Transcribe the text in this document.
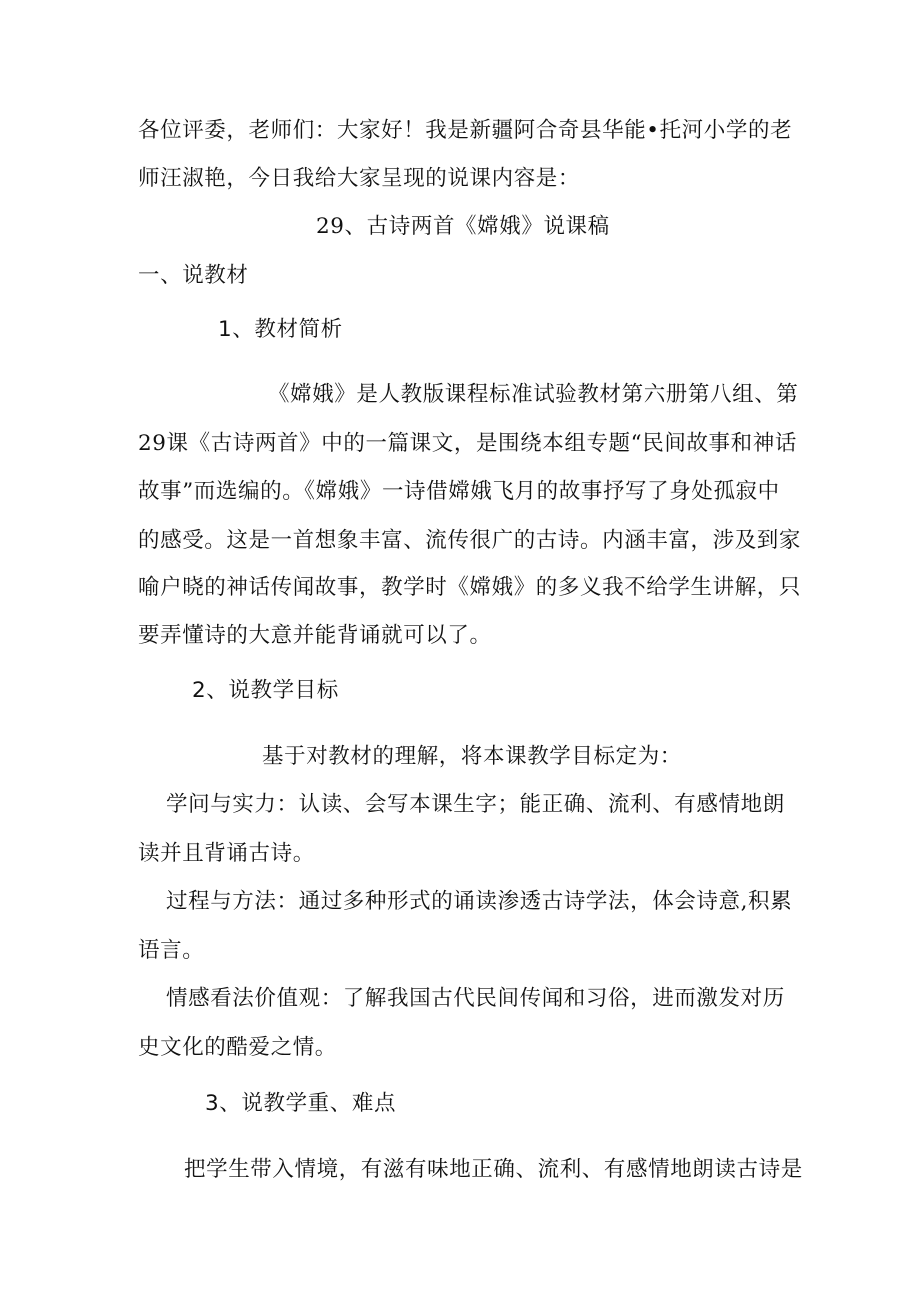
各位评委，老师们：大家好！我是新疆阿合奇县华能•托河小学的老
师汪淑艳，今日我给大家呈现的说课内容是：
29、古诗两首《嫦娥》说课稿
一、说教材
1、教材简析
《嫦娥》是人教版课程标准试验教材第六册第八组、第
29课《古诗两首》中的一篇课文，是围绕本组专题“民间故事和神话
故事”而选编的。《嫦娥》一诗借嫦娥飞月的故事抒写了身处孤寂中
的感受。这是一首想象丰富、流传很广的古诗。内涵丰富，涉及到家
喻户晓的神话传闻故事，教学时《嫦娥》的多义我不给学生讲解，只
要弄懂诗的大意并能背诵就可以了。
2、说教学目标
基于对教材的理解，将本课教学目标定为：
学问与实力：认读、会写本课生字；能正确、流利、有感情地朗
读并且背诵古诗。
过程与方法：通过多种形式的诵读渗透古诗学法，体会诗意,积累
语言。
情感看法价值观：了解我国古代民间传闻和习俗，进而激发对历
史文化的酷爱之情。
3、说教学重、难点
把学生带入情境，有滋有味地正确、流利、有感情地朗读古诗是
